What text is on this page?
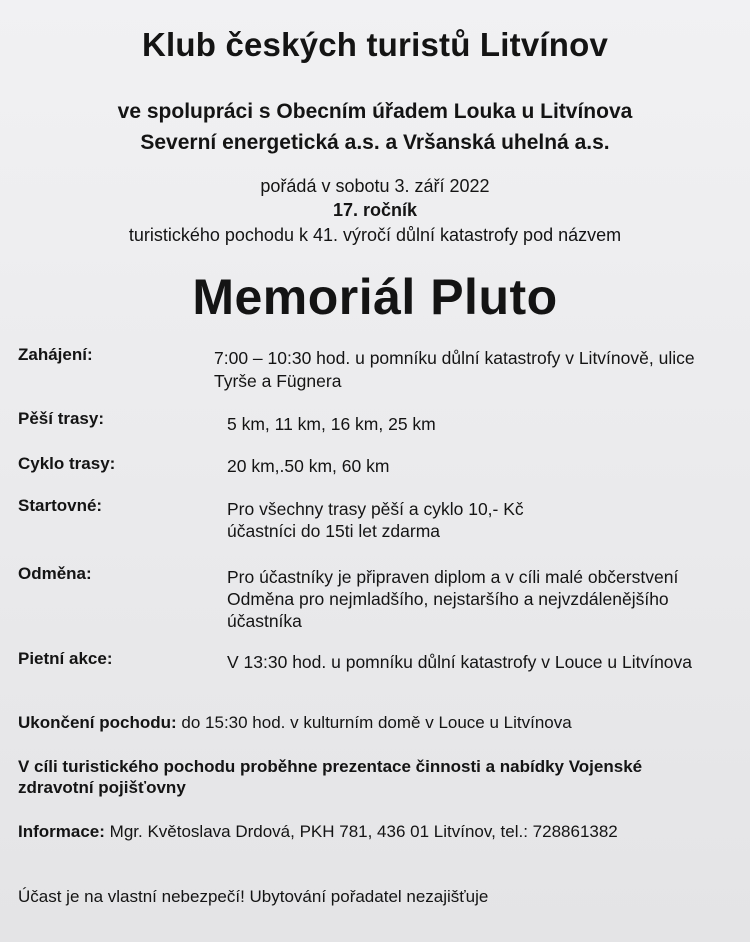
Klub českých turistů Litvínov
ve spolupráci s Obecním úřadem Louka u Litvínova
Severní energetická a.s. a Vršanská uhelná a.s.
pořádá v sobotu 3. září 2022
17. ročník
turistického pochodu k 41. výročí důlní katastrofy pod názvem
Memoriál Pluto
Zahájení:	7:00 – 10:30 hod. u pomníku důlní katastrofy v Litvínově, ulice
Tyrše a Fügnera
Pěší trasy:	5 km, 11 km, 16 km, 25 km
Cyklo trasy:	20 km,.50 km, 60 km
Startovné:	Pro všechny trasy pěší a cyklo 10,- Kč
účastníci do 15ti let zdarma
Odměna:	Pro účastníky je připraven diplom a v cíli malé občerstvení
Odměna pro nejmladšího, nejstaršího a nejvzdálenějšího
účastníka
Pietní akce:	V 13:30 hod. u pomníku důlní katastrofy v Louce u Litvínova
Ukončení pochodu: do 15:30 hod. v kulturním domě v Louce u Litvínova
V cíli turistického pochodu proběhne prezentace činnosti a nabídky Vojenské
zdravotní pojišťovny
Informace: Mgr. Květoslava Drdová, PKH 781, 436 01 Litvínov, tel.: 728861382
Účast je na vlastní nebezpečí! Ubytování pořadatel nezajišťuje
